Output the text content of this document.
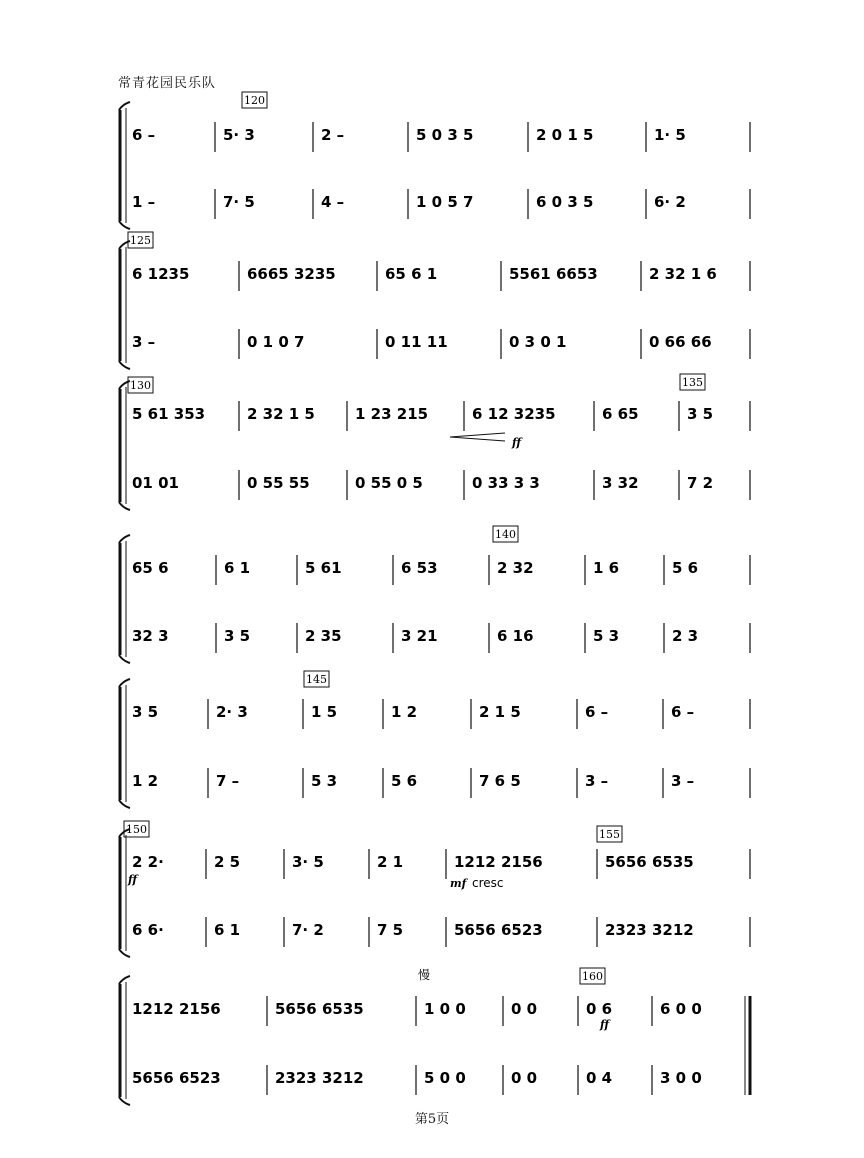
常青花园民乐队
120
6 –	5· 3	2 –	5 0 3 5	2 0 1 5	1· 5
1 –	7· 5	4 –	1 0 5 7	6 0 3 5	6· 2
125
6 1235	6665 3235	65 6 1	5561 6653	2 32 1 6
3 –	0 1 0 7	0 11 11	0 3 0 1	0 66 66
130	135
5 61 353	2 32 1 5	1 23 215	6 12 3235	6 65	3 5
01 01	0 55 55	0 55 0 5	0 33 3 3	3 32	7 2
140
65 6	6 1	5 61	6 53	2 32	1 6	5 6
32 3	3 5	2 35	3 21	6 16	5 3	2 3
145
3 5	2· 3	1 5	1 2	2 1 5	6 –	6 –
1 2	7 –	5 3	5 6	7 6 5	3 –	3 –
150	155
2 2·	2 5	3· 5	2 1	1212 2156	5656 6535
6 6·	6 1	7· 2	7 5	5656 6523	2323 3212
160
1212 2156	5656 6535	1 0 0	0 0	0 6	6 0 0
5656 6523	2323 3212	5 0 0	0 0	0 4	3 0 0
ff
ff	mf cresc
慢
ff
第5页
